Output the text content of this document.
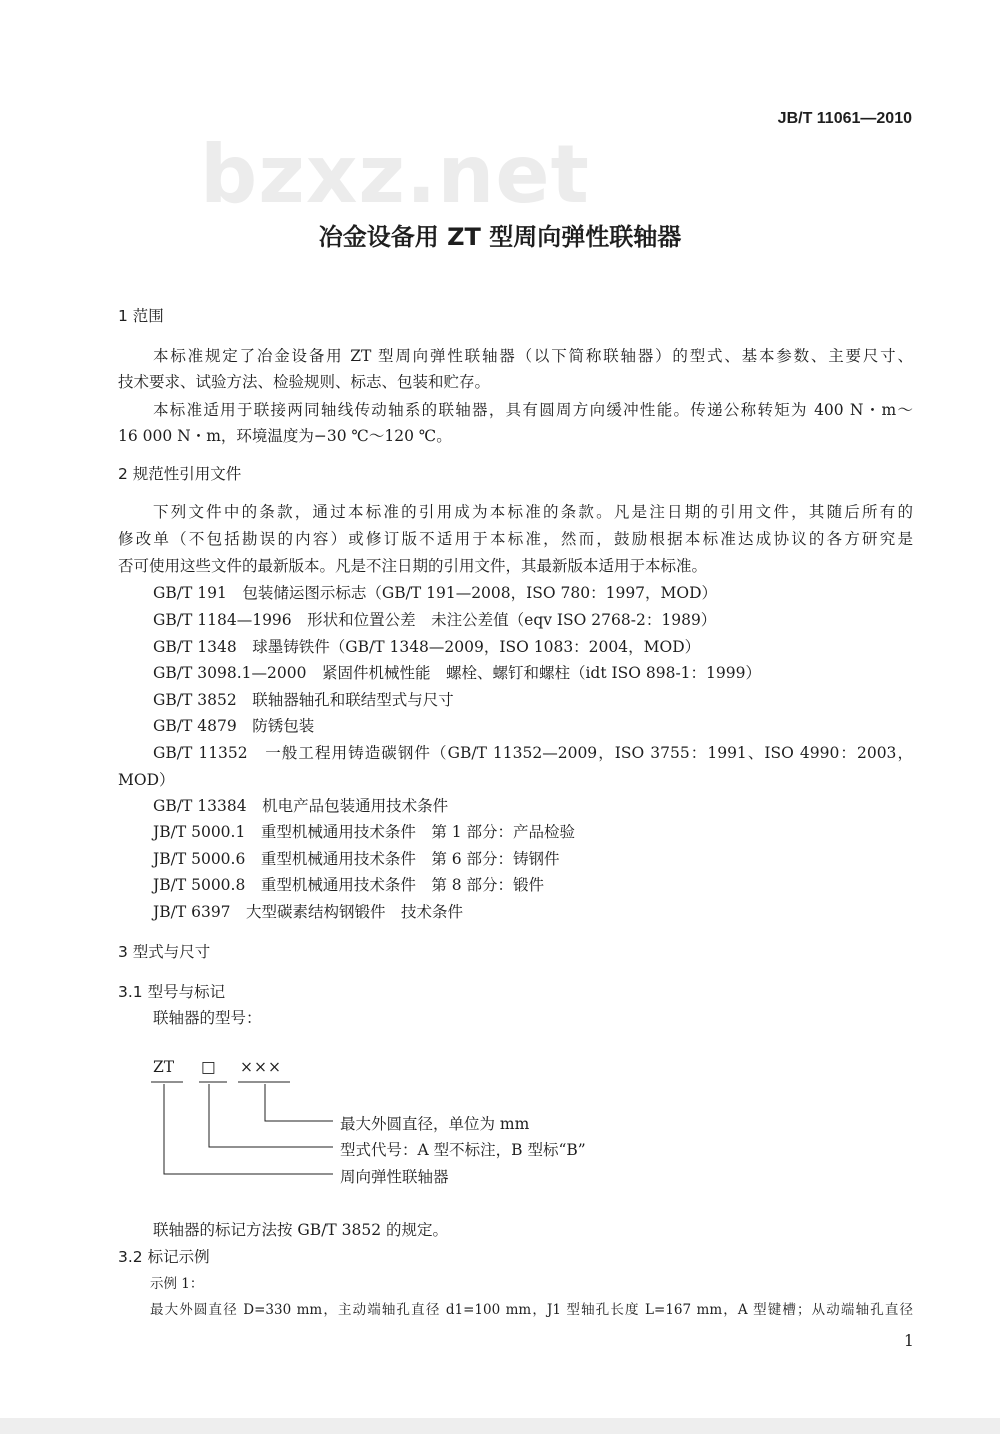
JB/T 11061—2010
bzxz.net
冶金设备用 ZT 型周向弹性联轴器
1 范围
本标准规定了冶金设备用 ZT 型周向弹性联轴器（以下简称联轴器）的型式、基本参数、主要尺寸、
技术要求、试验方法、检验规则、标志、包装和贮存。
本标准适用于联接两同轴线传动轴系的联轴器，具有圆周方向缓冲性能。传递公称转矩为 400 N・m～
16 000 N・m，环境温度为−30 ℃～120 ℃。
2 规范性引用文件
下列文件中的条款，通过本标准的引用成为本标准的条款。凡是注日期的引用文件，其随后所有的
修改单（不包括勘误的内容）或修订版不适用于本标准，然而，鼓励根据本标准达成协议的各方研究是
否可使用这些文件的最新版本。凡是不注日期的引用文件，其最新版本适用于本标准。
GB/T 191　包装储运图示标志（GB/T 191—2008，ISO 780：1997，MOD）
GB/T 1184—1996　形状和位置公差　未注公差值（eqv ISO 2768-2：1989）
GB/T 1348　球墨铸铁件（GB/T 1348—2009，ISO 1083：2004，MOD）
GB/T 3098.1—2000　紧固件机械性能　螺栓、螺钉和螺柱（idt ISO 898-1：1999）
GB/T 3852　联轴器轴孔和联结型式与尺寸
GB/T 4879　防锈包装
GB/T 11352　一般工程用铸造碳钢件（GB/T 11352—2009，ISO 3755：1991、ISO 4990：2003，
MOD）
GB/T 13384　机电产品包装通用技术条件
JB/T 5000.1　重型机械通用技术条件　第 1 部分：产品检验
JB/T 5000.6　重型机械通用技术条件　第 6 部分：铸钢件
JB/T 5000.8　重型机械通用技术条件　第 8 部分：锻件
JB/T 6397　大型碳素结构钢锻件　技术条件
3 型式与尺寸
3.1 型号与标记
联轴器的型号：
ZT □ ×××
最大外圆直径，单位为 mm
型式代号：A 型不标注，B 型标“B”
周向弹性联轴器
联轴器的标记方法按 GB/T 3852 的规定。
3.2 标记示例
示例 1：
最大外圆直径 D=330 mm，主动端轴孔直径 d1=100 mm，J1 型轴孔长度 L=167 mm，A 型键槽；从动端轴孔直径
1
